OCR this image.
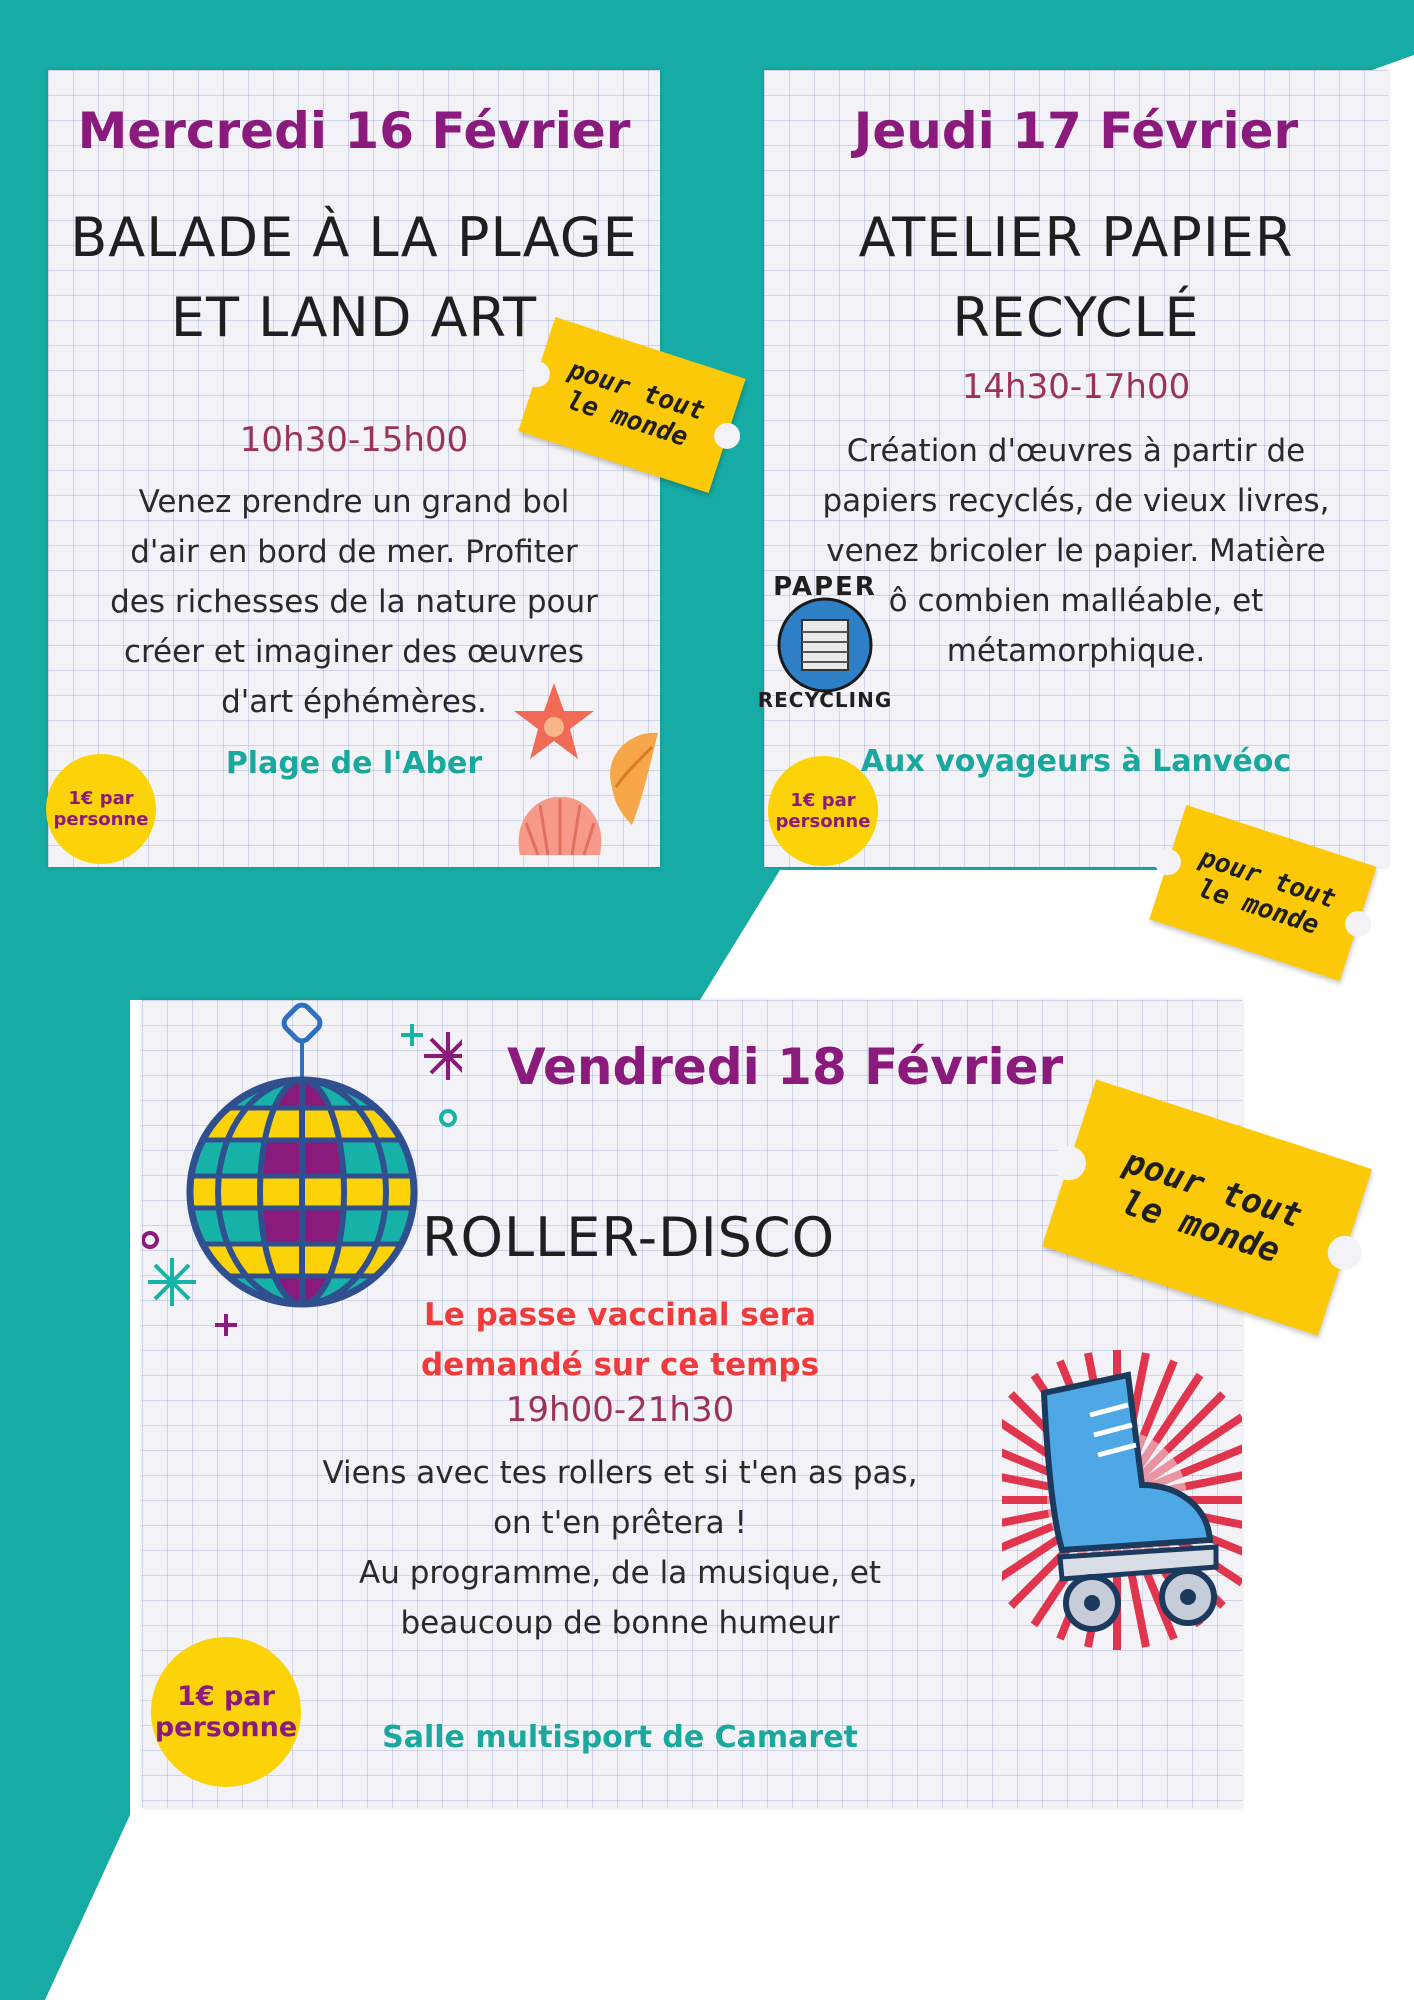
Mercredi 16 Février
BALADE À LA PLAGE
ET LAND ART
10h30-15h00
Venez prendre un grand bol
d'air en bord de mer. Profiter
des richesses de la nature pour
créer et imaginer des œuvres
d'art éphémères.
Plage de l'Aber
1€ par
personne
Jeudi 17 Février
ATELIER PAPIER
RECYCLÉ
14h30-17h00
Création d'œuvres à partir de
papiers recyclés, de vieux livres,
venez bricoler le papier. Matière
ô combien malléable, et
métamorphique.
Aux voyageurs à Lanvéoc
1€ par
personne
PAPER
RECYCLING
pour tout le monde
pour tout le monde
Vendredi 18 Février
ROLLER-DISCO
Le passe vaccinal sera
demandé sur ce temps
19h00-21h30
Viens avec tes rollers et si t'en as pas,
on t'en prêtera !
Au programme, de la musique, et
beaucoup de bonne humeur
Salle multisport de Camaret
1€ par
personne
pour tout le monde
